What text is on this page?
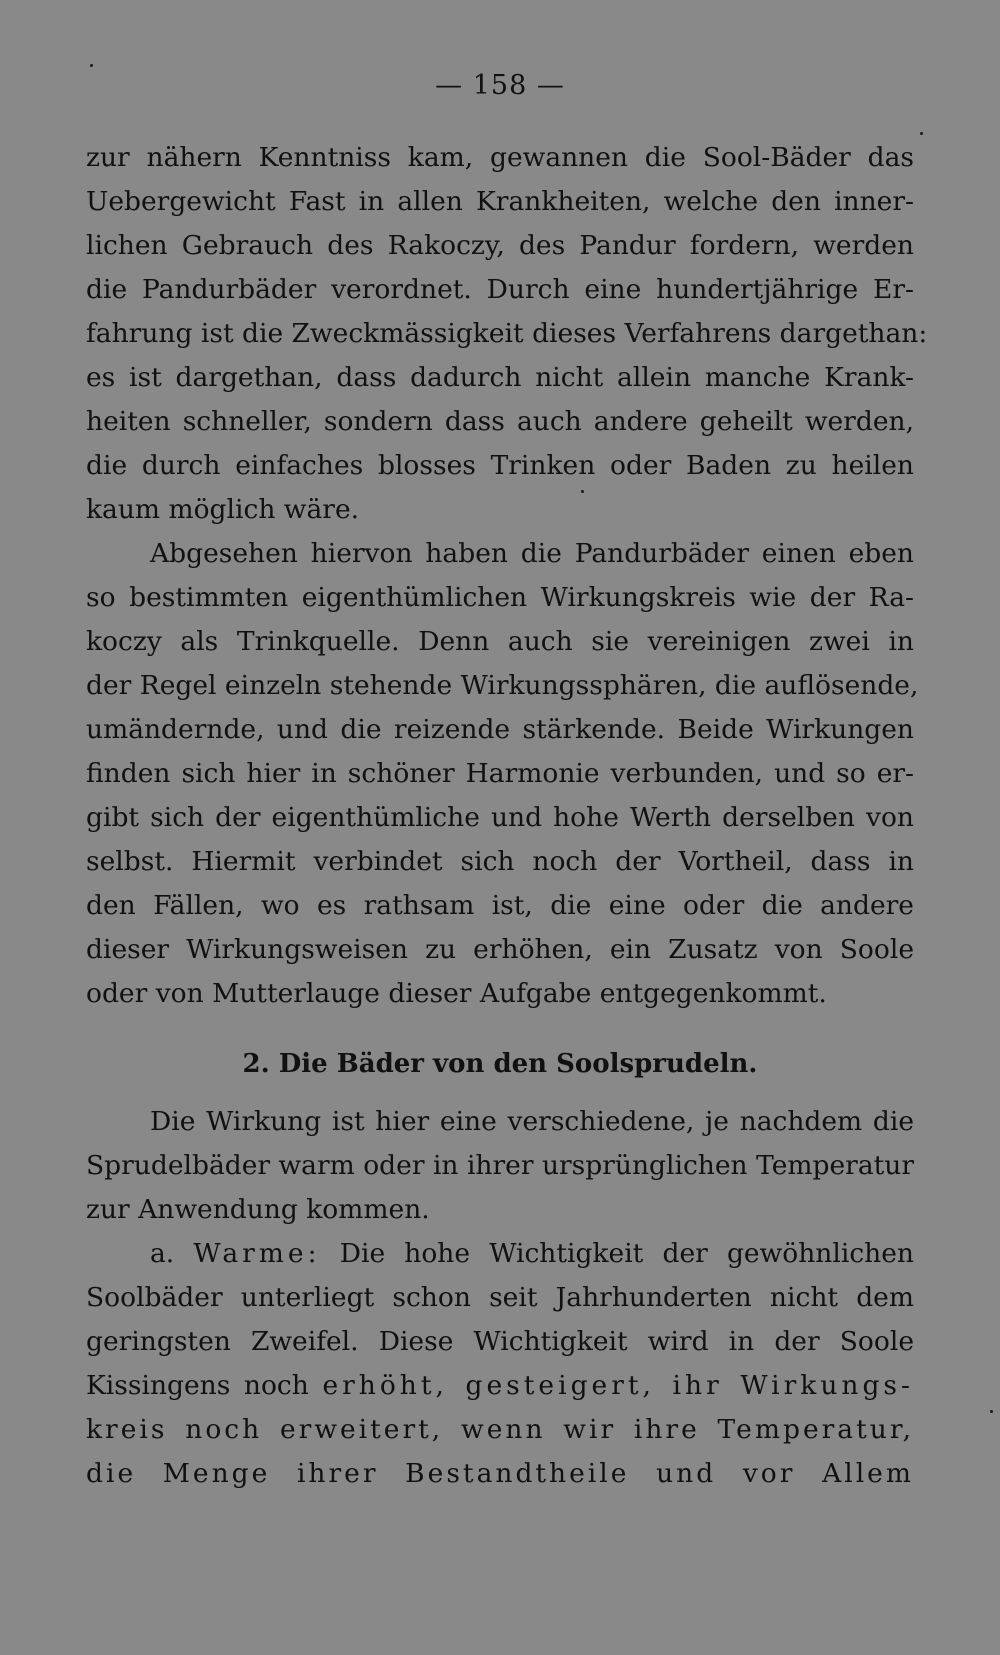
— 158 —
zur nähern Kenntniss kam, gewannen die Sool-Bäder das
Uebergewicht Fast in allen Krankheiten, welche den inner-
lichen Gebrauch des Rakoczy, des Pandur fordern, werden
die Pandurbäder verordnet. Durch eine hundertjährige Er-
fahrung ist die Zweckmässigkeit dieses Verfahrens dargethan:
es ist dargethan, dass dadurch nicht allein manche Krank-
heiten schneller, sondern dass auch andere geheilt werden,
die durch einfaches blosses Trinken oder Baden zu heilen
kaum möglich wäre.
Abgesehen hiervon haben die Pandurbäder einen eben
so bestimmten eigenthümlichen Wirkungskreis wie der Ra-
koczy als Trinkquelle. Denn auch sie vereinigen zwei in
der Regel einzeln stehende Wirkungssphären, die auflösende,
umändernde, und die reizende stärkende. Beide Wirkungen
finden sich hier in schöner Harmonie verbunden, und so er-
gibt sich der eigenthümliche und hohe Werth derselben von
selbst. Hiermit verbindet sich noch der Vortheil, dass in
den Fällen, wo es rathsam ist, die eine oder die andere
dieser Wirkungsweisen zu erhöhen, ein Zusatz von Soole
oder von Mutterlauge dieser Aufgabe entgegenkommt.
2. Die Bäder von den Soolsprudeln.
Die Wirkung ist hier eine verschiedene, je nachdem die
Sprudelbäder warm oder in ihrer ursprünglichen Temperatur
zur Anwendung kommen.
a. Warme: Die hohe Wichtigkeit der gewöhnlichen
Soolbäder unterliegt schon seit Jahrhunderten nicht dem
geringsten Zweifel. Diese Wichtigkeit wird in der Soole
Kissingens noch erhöht, gesteigert, ihr Wirkungs-
kreis noch erweitert, wenn wir ihre Temperatur,
die Menge ihrer Bestandtheile und vor Allem
